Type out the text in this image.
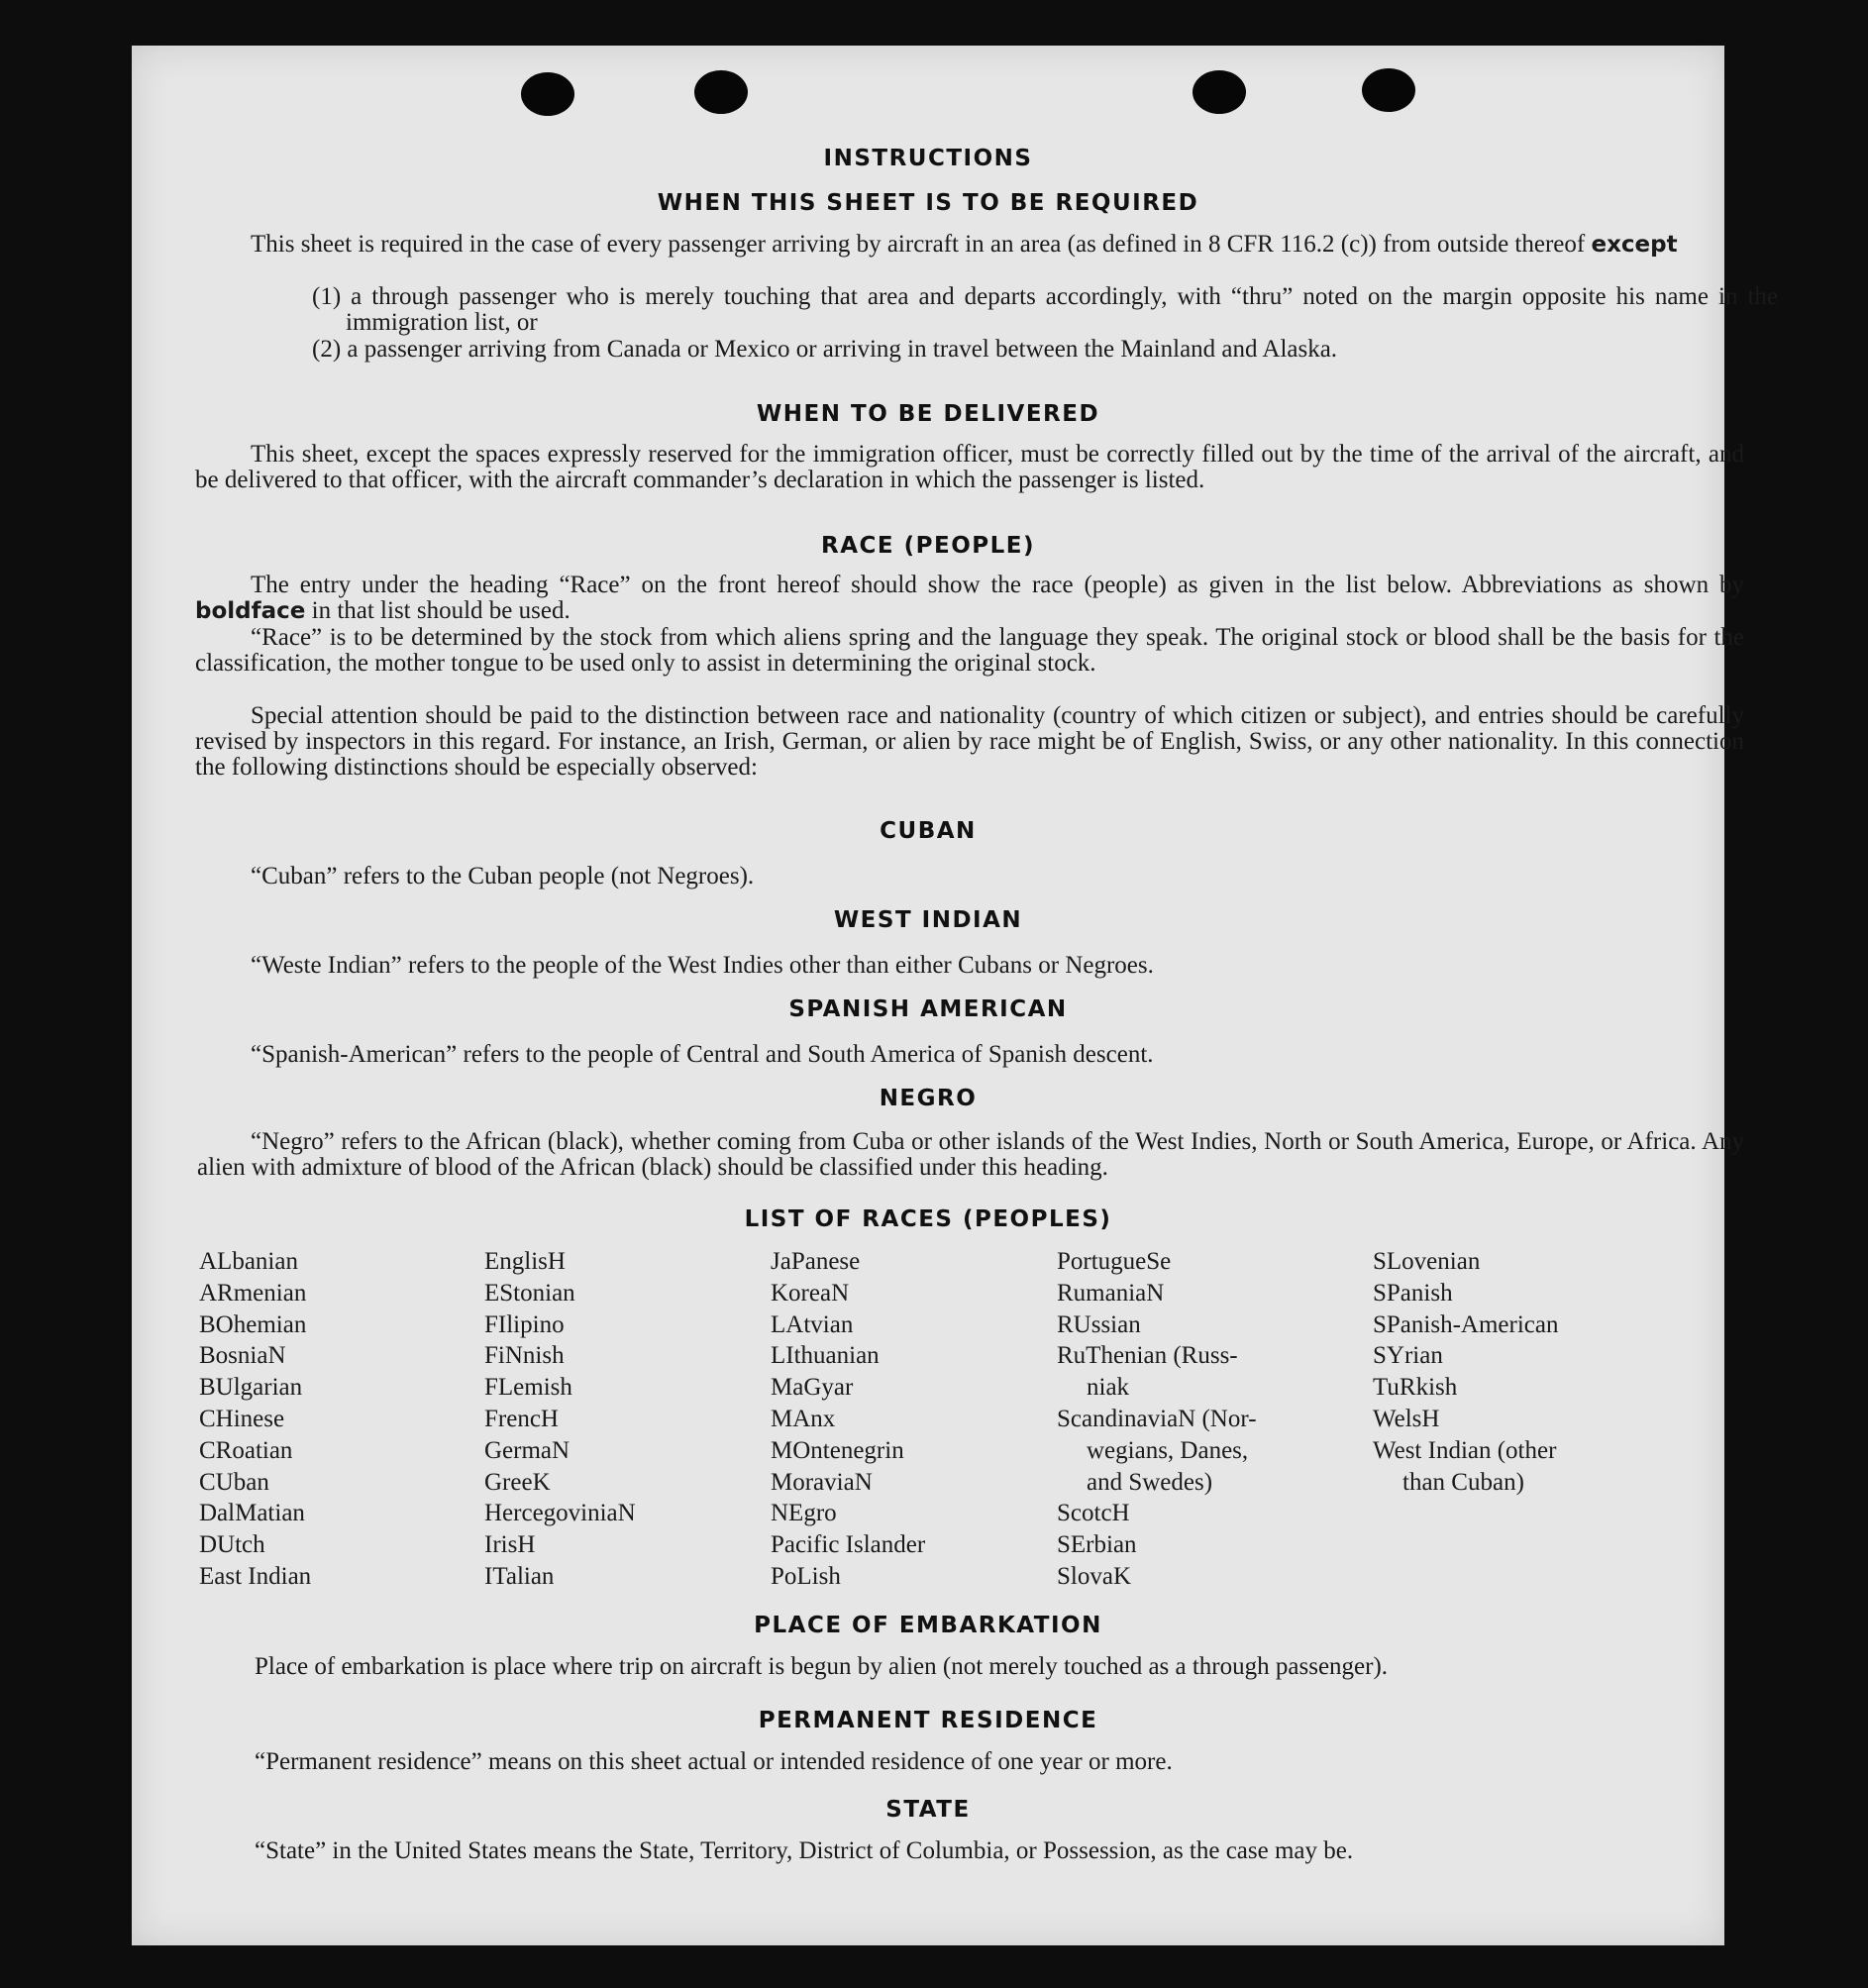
INSTRUCTIONS
WHEN THIS SHEET IS TO BE REQUIRED
This sheet is required in the case of every passenger arriving by aircraft in an area (as defined in 8 CFR 116.2 (c)) from outside thereof except
(1) a through passenger who is merely touching that area and departs accordingly, with “thru” noted on the margin opposite his name in the immigration list, or
(2) a passenger arriving from Canada or Mexico or arriving in travel between the Mainland and Alaska.
WHEN TO BE DELIVERED
This sheet, except the spaces expressly reserved for the immigration officer, must be correctly filled out by the time of the arrival of the aircraft, and be delivered to that officer, with the aircraft commander’s declaration in which the passenger is listed.
RACE (PEOPLE)
The entry under the heading “Race” on the front hereof should show the race (people) as given in the list below. Abbreviations as shown by boldface in that list should be used.
“Race” is to be determined by the stock from which aliens spring and the language they speak. The original stock or blood shall be the basis for the classification, the mother tongue to be used only to assist in determining the original stock.
Special attention should be paid to the distinction between race and nationality (country of which citizen or subject), and entries should be carefully revised by inspectors in this regard. For instance, an Irish, German, or alien by race might be of English, Swiss, or any other nationality. In this connection the following distinctions should be especially observed:
CUBAN
“Cuban” refers to the Cuban people (not Negroes).
WEST INDIAN
“Weste Indian” refers to the people of the West Indies other than either Cubans or Negroes.
SPANISH AMERICAN
“Spanish-American” refers to the people of Central and South America of Spanish descent.
NEGRO
“Negro” refers to the African (black), whether coming from Cuba or other islands of the West Indies, North or South America, Europe, or Africa. Any alien with admixture of blood of the African (black) should be classified under this heading.
LIST OF RACES (PEOPLES)
ALbanian
ARmenian
BOhemian
BosniaN
BUlgarian
CHinese
CRoatian
CUban
DalMatian
DUtch
East Indian
EnglisH
EStonian
FIlipino
FiNnish
FLemish
FrencH
GermaN
GreeK
HercegoviniaN
IrisH
ITalian
JaPanese
KoreaN
LAtvian
LIthuanian
MaGyar
MAnx
MOntenegrin
MoraviaN
NEgro
Pacific Islander
PoLish
PortugueSe
RumaniaN
RUssian
RuThenian (Russ-
niak
ScandinaviaN (Nor-
wegians, Danes,
and Swedes)
ScotcH
SErbian
SlovaK
SLovenian
SPanish
SPanish-American
SYrian
TuRkish
WelsH
West Indian (other
than Cuban)
PLACE OF EMBARKATION
Place of embarkation is place where trip on aircraft is begun by alien (not merely touched as a through passenger).
PERMANENT RESIDENCE
“Permanent residence” means on this sheet actual or intended residence of one year or more.
STATE
“State” in the United States means the State, Territory, District of Columbia, or Possession, as the case may be.
